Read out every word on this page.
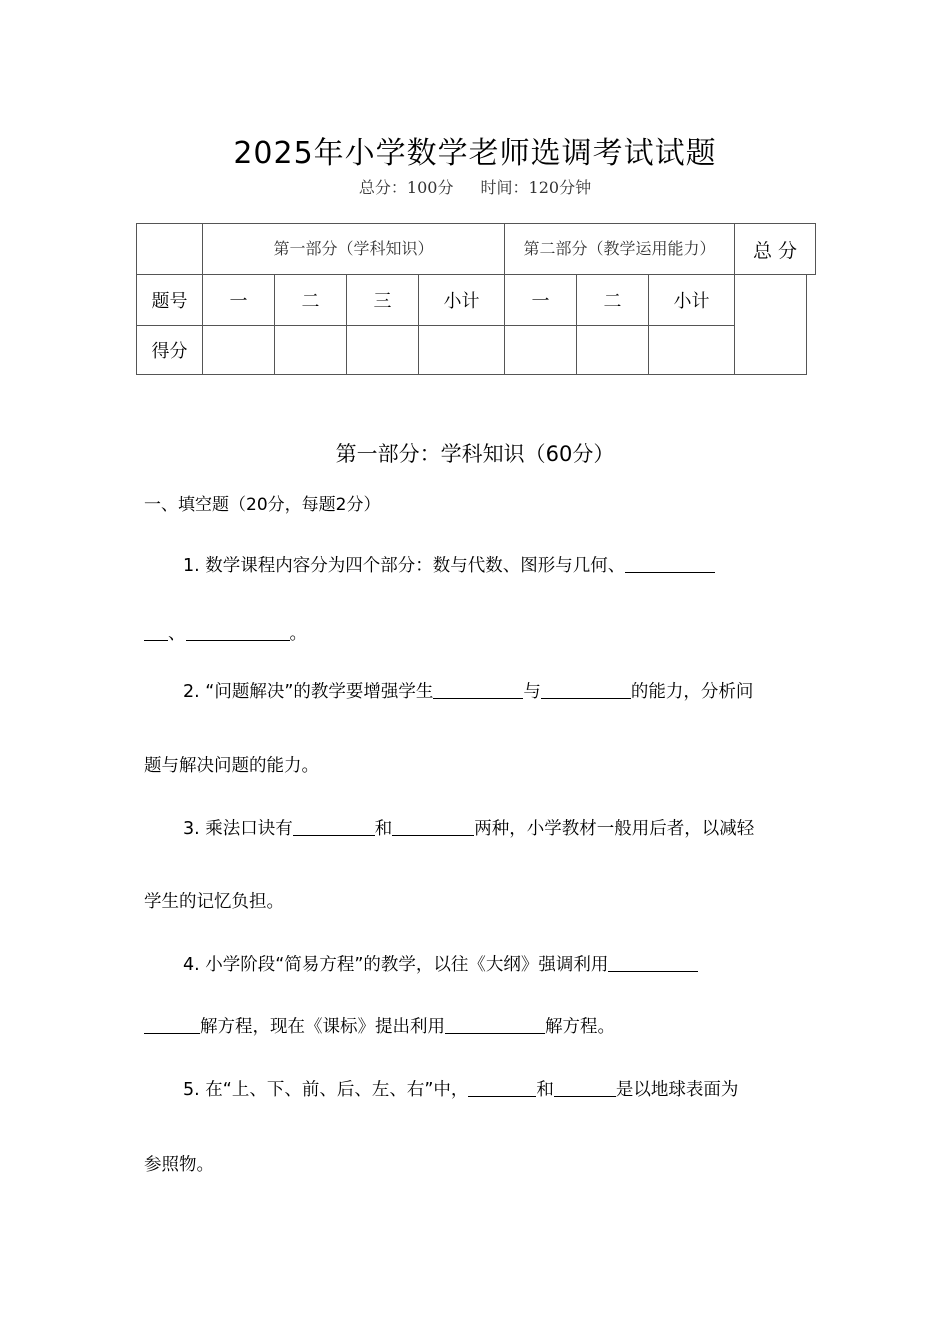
2025年小学数学老师选调考试试题
总分：100分 时间：120分钟
	第一部分（学科知识）				第二部分（教学运用能力）			总 分	
题号	一	二	三	小计	一	二	小计		
得分									
第一部分：学科知识（60分）
一、填空题（20分，每题2分）
1. 数学课程内容分为四个部分：数与代数、图形与几何、
、	。
2. “问题解决”的教学要增强学生	与	的能力，分析问
题与解决问题的能力。
3. 乘法口诀有	和	两种，小学教材一般用后者，以减轻
学生的记忆负担。
4. 小学阶段“简易方程”的教学，以往《大纲》强调利用
解方程，现在《课标》提出利用	解方程。
5. 在“上、下、前、后、左、右”中，	和	是以地球表面为
参照物。
